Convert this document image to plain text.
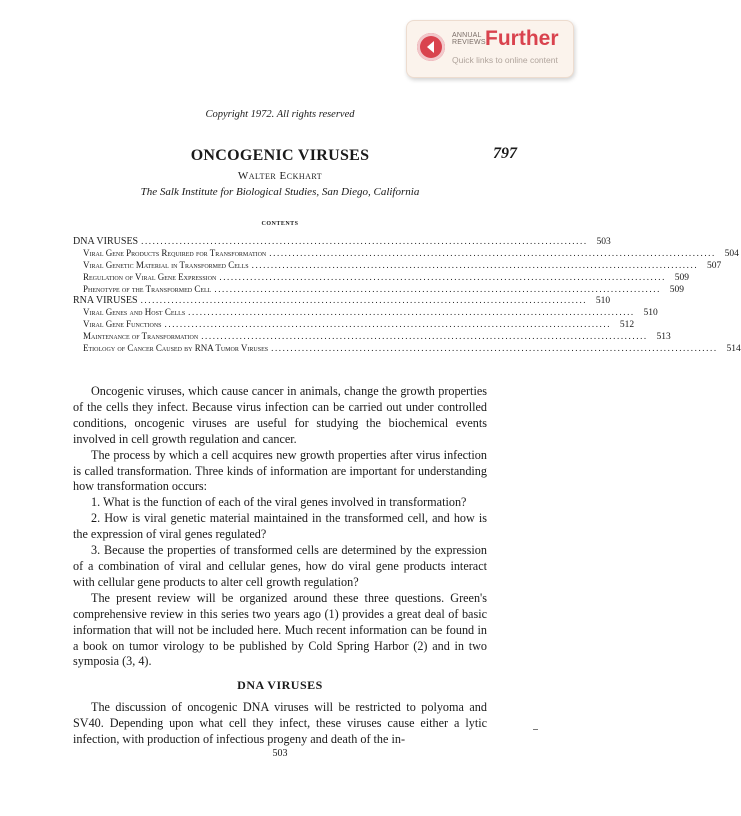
ANNUAL REVIEWS Further
Quick links to online content
Copyright 1972. All rights reserved
ONCOGENIC VIRUSES	797
Walter Eckhart
The Salk Institute for Biological Studies, San Diego, California
contents
DNA VIRUSES .................................................................................................................... 503
Viral Gene Products Required for Transformation .................................................................................................................... 504
Viral Genetic Material in Transformed Cells .................................................................................................................... 507
Regulation of Viral Gene Expression .................................................................................................................... 509
Phenotype of the Transformed Cell .................................................................................................................... 509
RNA VIRUSES .................................................................................................................... 510
Viral Genes and Host Cells .................................................................................................................... 510
Viral Gene Functions .................................................................................................................... 512
Maintenance of Transformation .................................................................................................................... 513
Etiology of Cancer Caused by RNA Tumor Viruses .................................................................................................................... 514

Oncogenic viruses, which cause cancer in animals, change the growth properties of the cells they infect. Because virus infection can be carried out under controlled conditions, oncogenic viruses are useful for studying the biochemical events involved in cell growth regulation and cancer.

The process by which a cell acquires new growth properties after virus infection is called transformation. Three kinds of information are important for understanding how transformation occurs:

1. What is the function of each of the viral genes involved in transformation?

2. How is viral genetic material maintained in the transformed cell, and how is the expression of viral genes regulated?

3. Because the properties of transformed cells are determined by the expression of a combination of viral and cellular genes, how do viral gene products interact with cellular gene products to alter cell growth regulation?

The present review will be organized around these three questions. Green's comprehensive review in this series two years ago (1) provides a great deal of basic information that will not be included here. Much recent information can be found in a book on tumor virology to be published by Cold Spring Harbor (2) and in two symposia (3, 4).

DNA VIRUSES

The discussion of oncogenic DNA viruses will be restricted to polyoma and SV40. Depending upon what cell they infect, these viruses cause either a lytic infection, with production of infectious progeny and death of the in-

503
